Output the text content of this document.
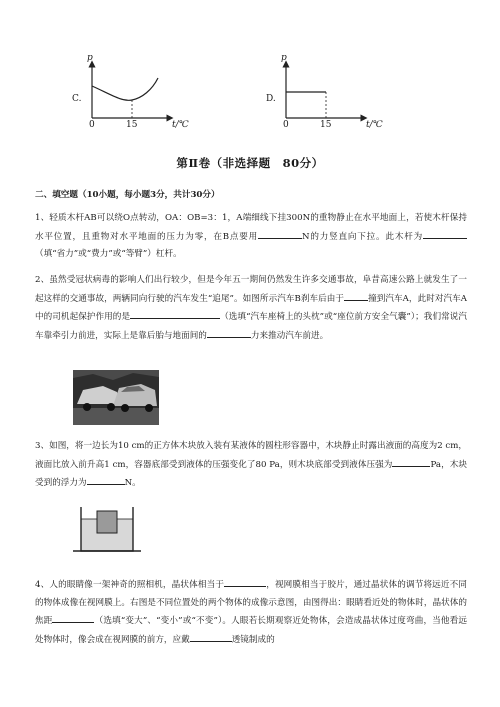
C.
p
0	15	t/℃
D.
p
0	15	t/℃
第Ⅱ卷（非选择题　80分）
二、填空题（10小题，每小题3分，共计30分）
1、轻质木杆AB可以绕O点转动，OA：OB=3：1，A端细线下挂300N的重物静止在水平地面上，若使木杆保持水平位置，且重物对水平地面的压力为零，在B点要用	N的力竖直向下拉。此木杆为（填“省力”或“费力”或“等臂”）杠杆。
2、虽然受冠状病毒的影响人们出行较少，但是今年五一期间仍然发生许多交通事故，阜昔高速公路上就发生了一起这样的交通事故，两辆同向行驶的汽车发生“追尾”。如图所示汽车B刹车后由于	撞到汽车A，此时对汽车A中的司机起保护作用的是	（选填“汽车座椅上的头枕”或“座位前方安全气囊”）；我们常说汽车靠牵引力前进，实际上是靠后胎与地面间的	力来推动汽车前进。
3、如图，将一边长为10 cm的正方体木块放入装有某液体的圆柱形容器中，木块静止时露出液面的高度为2 cm，液面比放入前升高1 cm，容器底部受到液体的压强变化了80 Pa，则木块底部受到液体压强为	Pa，木块受到的浮力为	N。
4、人的眼睛像一架神奇的照相机，晶状体相当于	，视网膜相当于胶片，通过晶状体的调节将远近不同的物体成像在视网膜上。右图是不同位置处的两个物体的成像示意图，由图得出：眼睛看近处的物体时，晶状体的焦距	（选填“变大”、“变小”或“不变”）。人眼若长期观察近处物体，会造成晶状体过度弯曲，当他看远处物体时，像会成在视网膜的前方，应戴	透镜制成的
